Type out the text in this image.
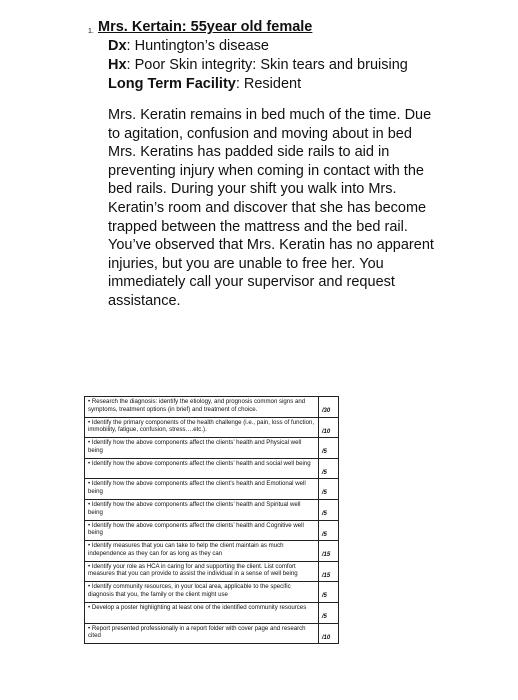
1. Mrs. Kertain: 55year old female
Dx: Huntington’s disease
Hx: Poor Skin integrity: Skin tears and bruising
Long Term Facility: Resident
Mrs. Keratin remains in bed much of the time. Due to agitation, confusion and moving about in bed Mrs. Keratins has padded side rails to aid in preventing injury when coming in contact with the bed rails. During your shift you walk into Mrs. Keratin’s room and discover that she has become trapped between the mattress and the bed rail. You’ve observed that Mrs. Keratin has no apparent injuries, but you are unable to free her. You immediately call your supervisor and request assistance.
• Research the diagnosis: identify the etiology, and prognosis common signs and symptoms, treatment options (in brief) and treatment of choice.	/30
• Identify the primary components of the health challenge (i.e., pain, loss of function, immobility, fatigue, confusion, stress….etc.).	/10
• Identify how the above components affect the clients’ health and Physical well being	/5
• Identify how the above components affect the clients’ health and social well being	/5
• Identify how the above components affect the client’s health and Emotional well being	/5
• Identify how the above components affect the clients’ health and Spiritual well being	/5
• Identify how the above components affect the clients’ health and Cognitive well being	/5
• Identify measures that you can take to help the client maintain as much independence as they can for as long as they can	/15
• Identify your role as HCA in caring for and supporting the client. List comfort measures that you can provide to assist the individual in a sense of well being	/15
• Identify community resources, in your local area, applicable to the specific diagnosis that you, the family or the client might use	/5
• Develop a poster highlighting at least one of the identified community resources	/5
• Report presented professionally in a report folder with cover page and research cited	/10
